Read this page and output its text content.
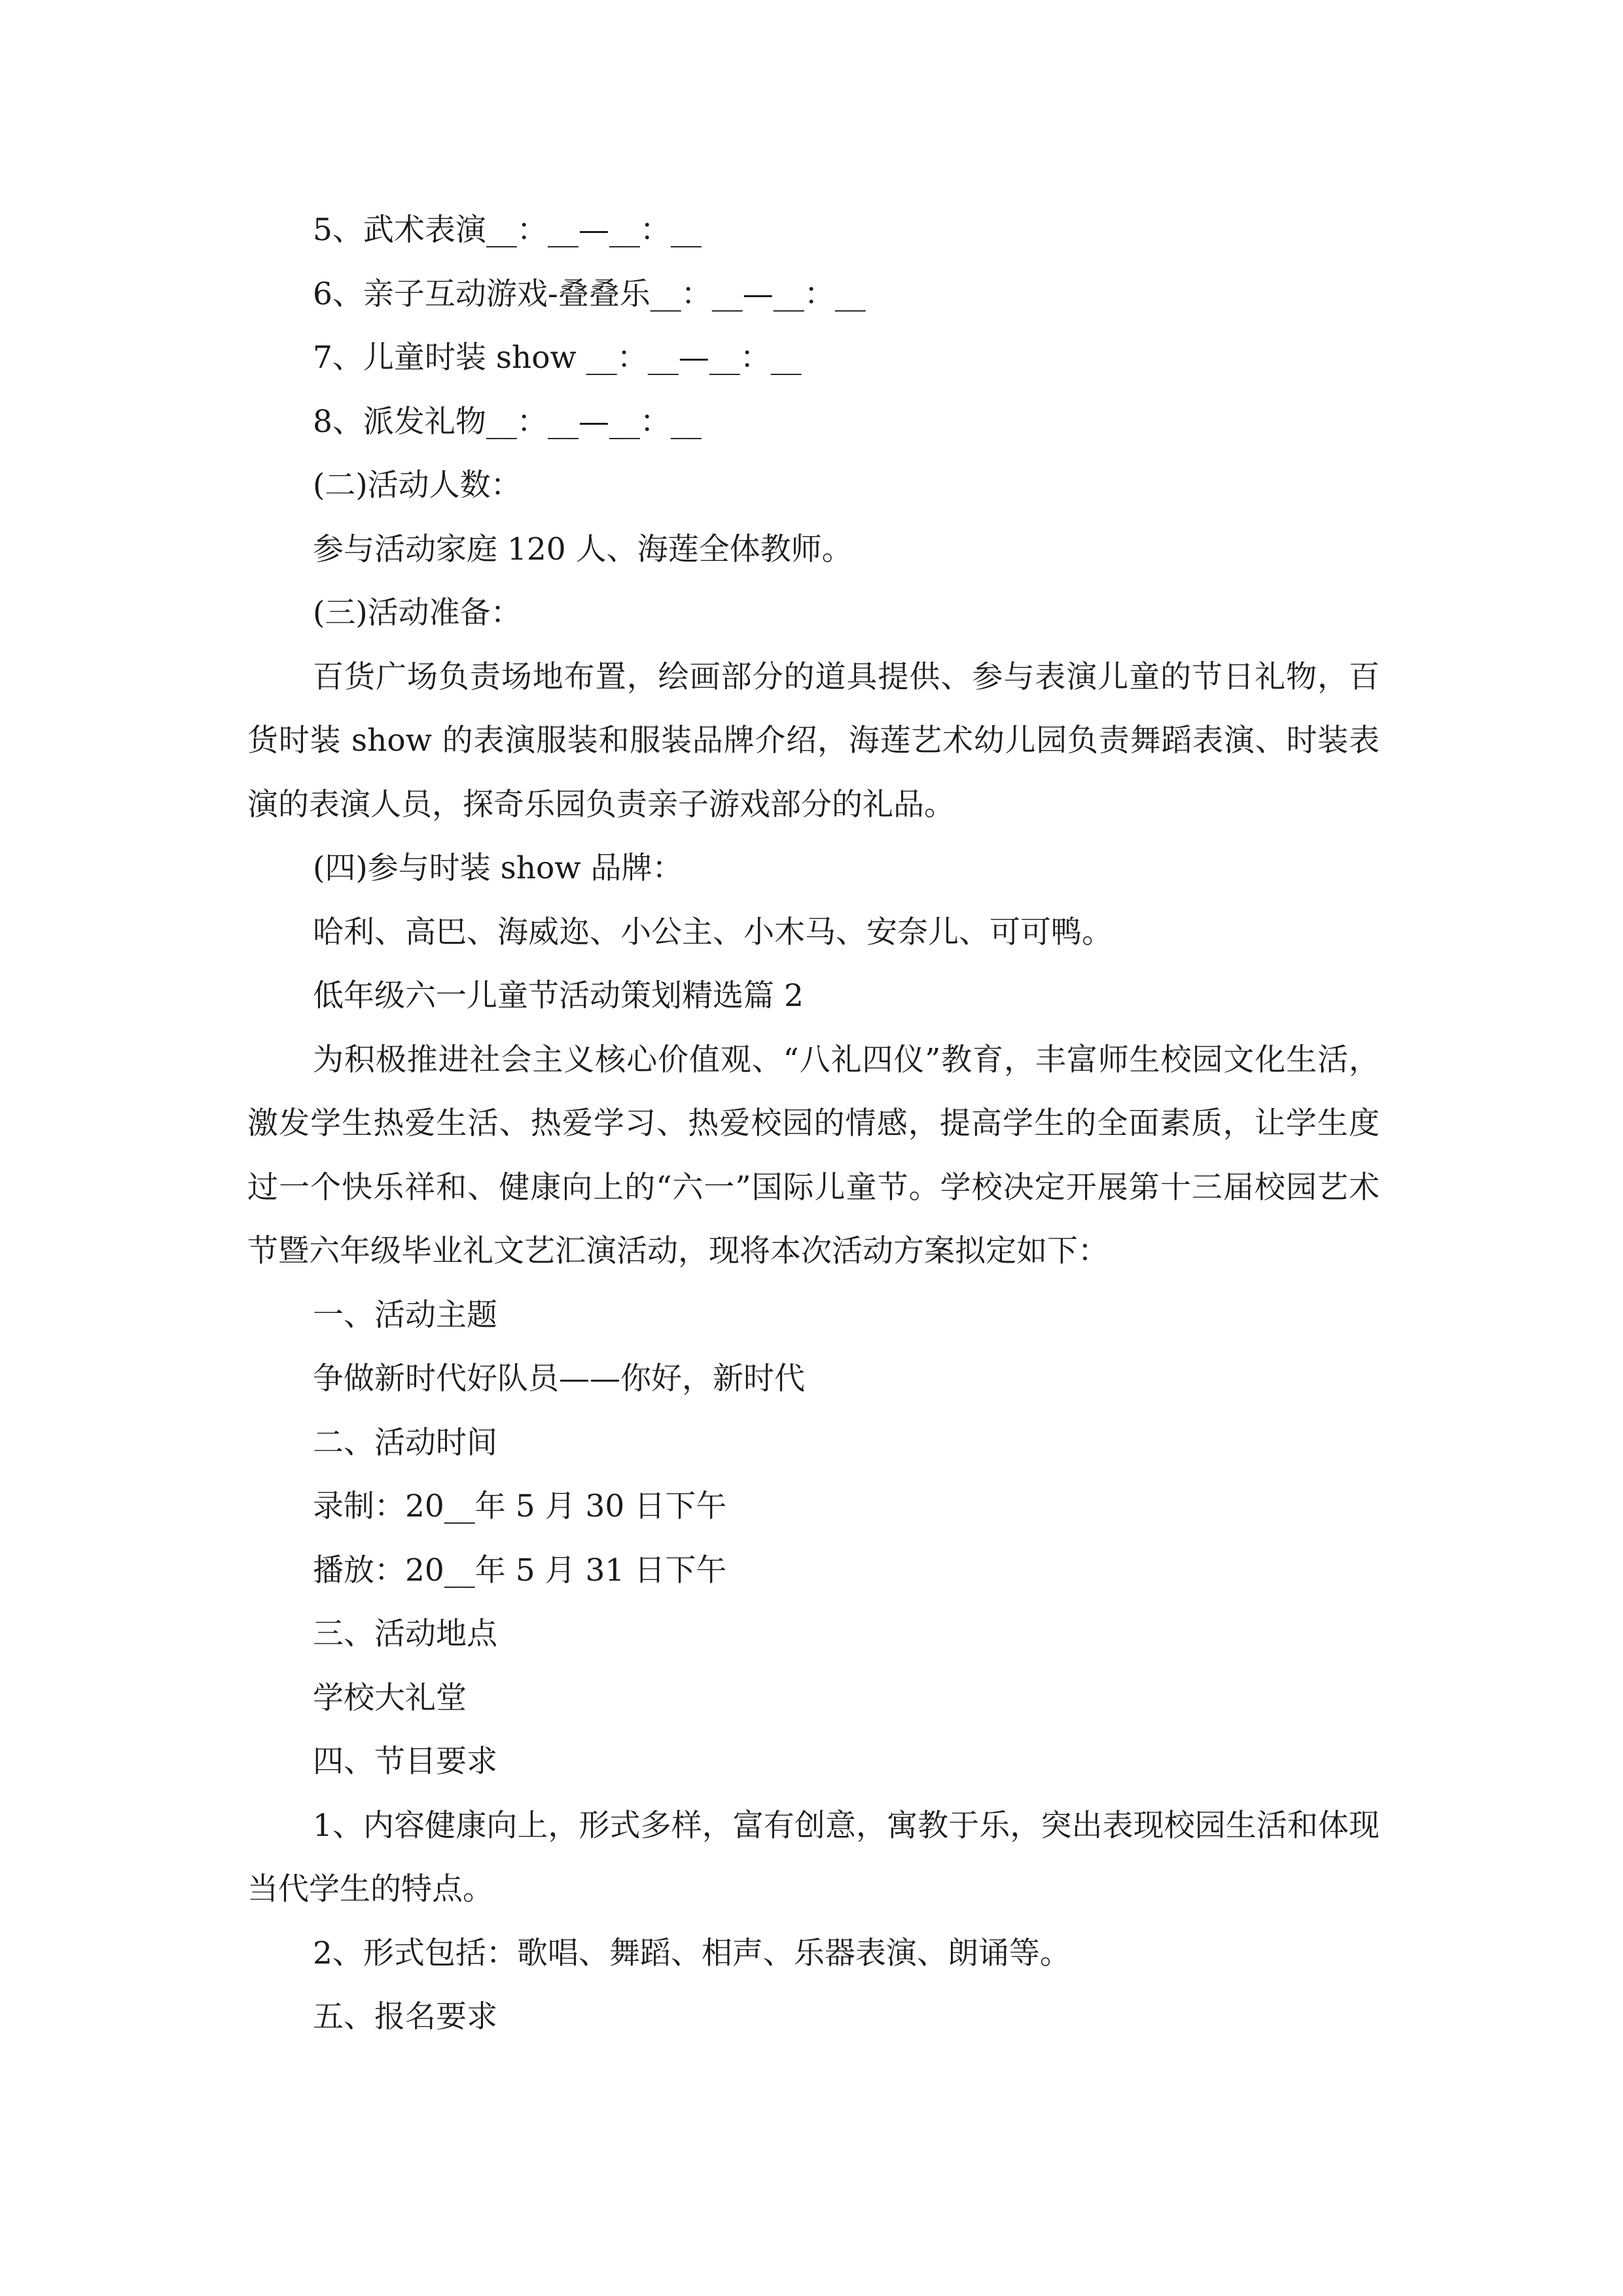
5、武术表演__：__—__：__
6、亲子互动游戏-叠叠乐__：__—__：__
7、儿童时装 show __：__—__：__
8、派发礼物__：__—__：__
(二)活动人数：
参与活动家庭 120 人、海莲全体教师。
(三)活动准备：
百货广场负责场地布置，绘画部分的道具提供、参与表演儿童的节日礼物，百货时装 show 的表演服装和服装品牌介绍，海莲艺术幼儿园负责舞蹈表演、时装表演的表演人员，探奇乐园负责亲子游戏部分的礼品。
(四)参与时装 show 品牌：
哈利、高巴、海威迩、小公主、小木马、安奈儿、可可鸭。
低年级六一儿童节活动策划精选篇 2
为积极推进社会主义核心价值观、“八礼四仪”教育，丰富师生校园文化生活，激发学生热爱生活、热爱学习、热爱校园的情感，提高学生的全面素质，让学生度过一个快乐祥和、健康向上的“六一”国际儿童节。学校决定开展第十三届校园艺术节暨六年级毕业礼文艺汇演活动，现将本次活动方案拟定如下：
一、活动主题
争做新时代好队员——你好，新时代
二、活动时间
录制：20__年 5 月 30 日下午
播放：20__年 5 月 31 日下午
三、活动地点
学校大礼堂
四、节目要求
1、内容健康向上，形式多样，富有创意，寓教于乐，突出表现校园生活和体现当代学生的特点。
2、形式包括：歌唱、舞蹈、相声、乐器表演、朗诵等。
五、报名要求
